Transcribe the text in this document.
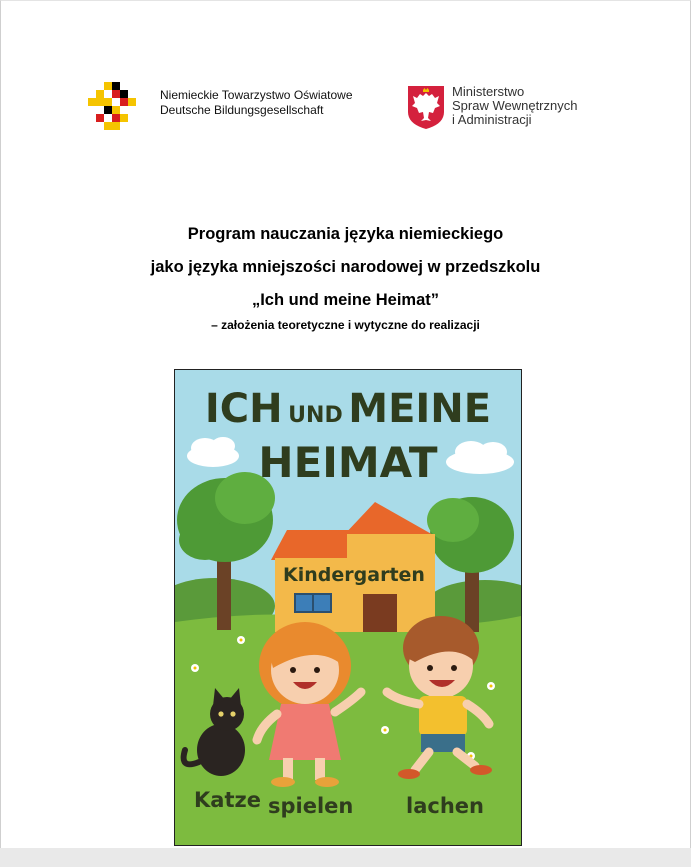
Niemieckie Towarzystwo Oświatowe
Deutsche Bildungsgesellschaft
Ministerstwo
Spraw Wewnętrznych
i Administracji
Program nauczania języka niemieckiego
jako języka mniejszości narodowej w przedszkolu
„Ich und meine Heimat”
– założenia teoretyczne i wytyczne do realizacji
ICH UND MEINE
HEIMAT
Kindergarten
Katze spielen	lachen
